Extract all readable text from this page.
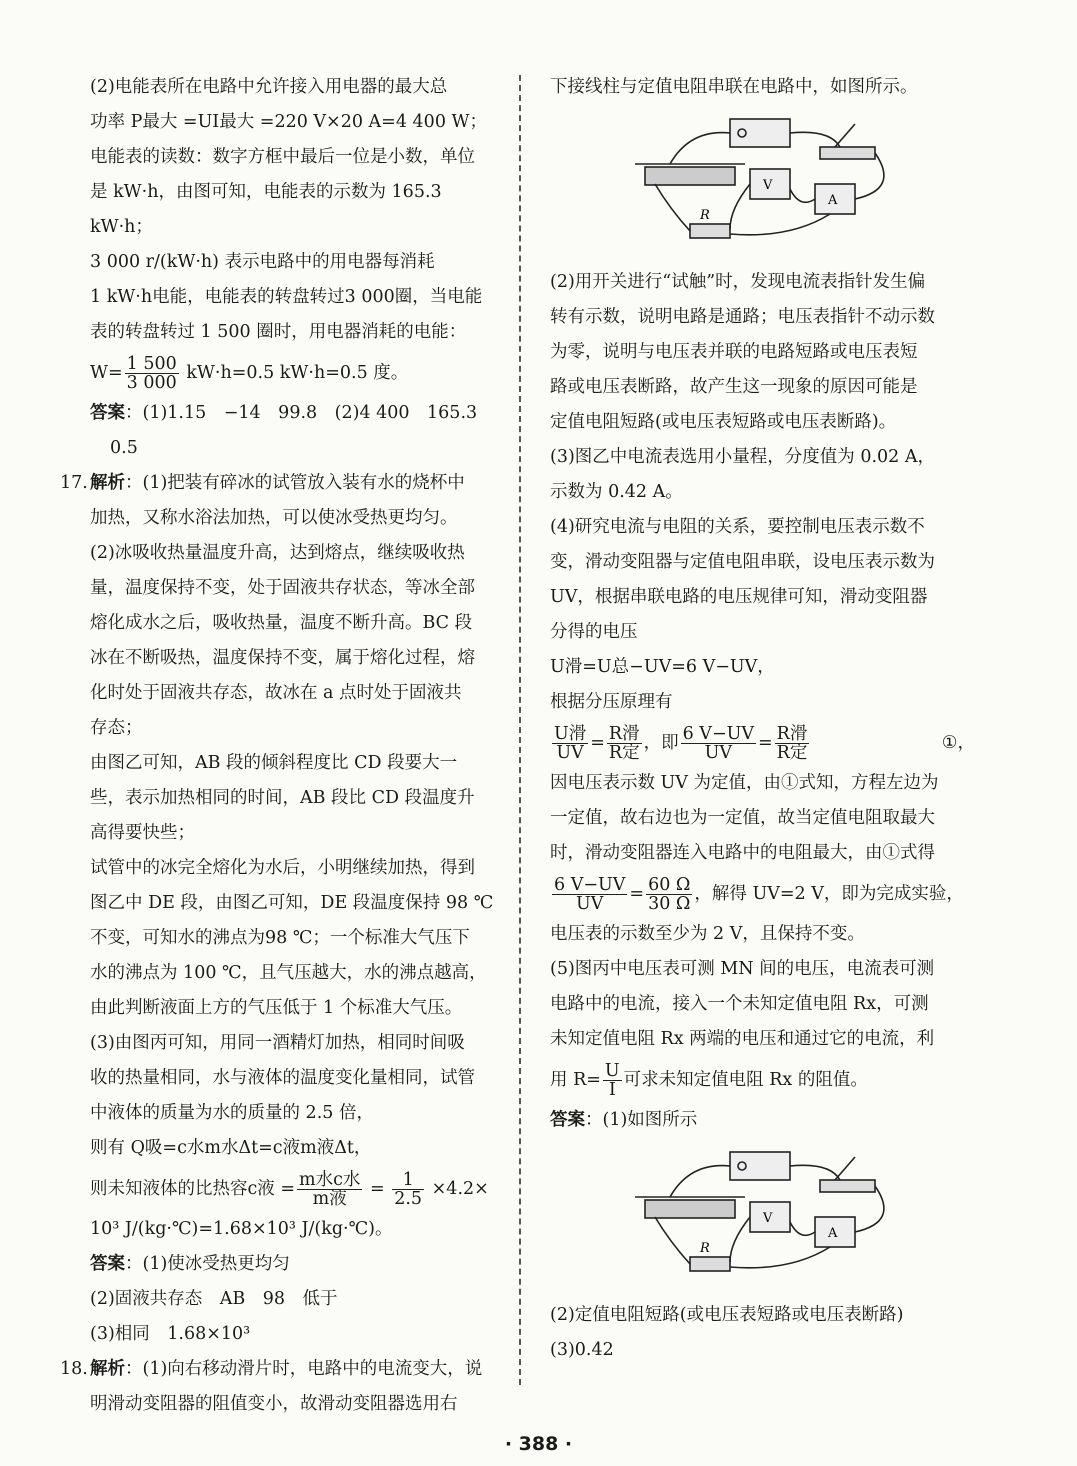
(2)电能表所在电路中允许接入用电器的最大总
功率 P最大 =UI最大 =220 V×20 A=4 400 W；
电能表的读数：数字方框中最后一位是小数，单位
是 kW·h，由图可知，电能表的示数为 165.3 kW·h；
3 000 r/(kW·h) 表示电路中的用电器每消耗
1 kW·h电能，电能表的转盘转过3 000圈，当电能
表的转盘转过 1 500 圈时，用电器消耗的电能：
$W= \frac{1 500}{3 000} kW\cdot h=0.5$ kW·h=0.5 度。
答案：(1)1.15　−14　99.8　(2)4 400　165.3
0.5
17. 解析：(1)把装有碎冰的试管放入装有水的烧杯中
加热，又称水浴法加热，可以使冰受热更均匀。
(2)冰吸收热量温度升高，达到熔点，继续吸收热
量，温度保持不变，处于固液共存状态，等冰全部
熔化成水之后，吸收热量，温度不断升高。BC 段
冰在不断吸热，温度保持不变，属于熔化过程，熔
化时处于固液共存态，故冰在 a 点时处于固液共
存态；
由图乙可知，AB 段的倾斜程度比 CD 段要大一
些，表示加热相同的时间，AB 段比 CD 段温度升
高得要快些；
试管中的冰完全熔化为水后，小明继续加热，得到
图乙中 DE 段，由图乙可知，DE 段温度保持 98 ℃
不变，可知水的沸点为98 ℃；一个标准大气压下
水的沸点为 100 ℃，且气压越大，水的沸点越高，
由此判断液面上方的气压低于 1 个标准大气压。
(3)由图丙可知，用同一酒精灯加热，相同时间吸
收的热量相同，水与液体的温度变化量相同，试管
中液体的质量为水的质量的 2.5 倍，
则有 Q吸=c水m水Δt=c液m液Δt，
则未知液体的比热容c液 = $\frac{\text{m水c水}}{\text{m液}} = \frac{1}{2.5} \times 4.2\times$
10³ J/(kg·℃)=1.68×10³ J/(kg·℃)。
答案：(1)使冰受热更均匀
(2)固液共存态　AB　98　低于
(3)相同　1.68×10³
18. 解析：(1)向右移动滑片时，电路中的电流变大，说
明滑动变阻器的阻值变小，故滑动变阻器选用右
下接线柱与定值电阻串联在电路中，如图所示。
V
A
R
(2)用开关进行“试触”时，发现电流表指针发生偏
转有示数，说明电路是通路；电压表指针不动示数
为零，说明与电压表并联的电路短路或电压表短
路或电压表断路，故产生这一现象的原因可能是
定值电阻短路(或电压表短路或电压表断路)。
(3)图乙中电流表选用小量程，分度值为 0.02 A，
示数为 0.42 A。
(4)研究电流与电阻的关系，要控制电压表示数不
变，滑动变阻器与定值电阻串联，设电压表示数为
UV，根据串联电路的电压规律可知，滑动变阻器
分得的电压
U滑=U总−UV=6 V−UV，
根据分压原理有
$\frac{\text{U滑}}{UV} = \frac{\text{R滑}}{\text{R定}}$ ，即 $\frac{6 V-UV}{UV} = \frac{\text{R滑}}{\text{R定}}$	①，
因电压表示数 UV 为定值，由①式知，方程左边为
一定值，故右边也为一定值，故当定值电阻取最大
时，滑动变阻器连入电路中的电阻最大，由①式得
$\frac{6 V-UV}{UV} = \frac{60 \Omega}{30 \Omega}$ ，解得 UV=2 V，即为完成实验，
电压表的示数至少为 2 V，且保持不变。
(5)图丙中电压表可测 MN 间的电压，电流表可测
电路中的电流，接入一个未知定值电阻 Rx，可测
未知定值电阻 Rx 两端的电压和通过它的电流，利
用 $R= \frac{U}{I}$ 可求未知定值电阻 Rx 的阻值。
答案：(1)如图所示
V
A
R
(2)定值电阻短路(或电压表短路或电压表断路)
(3)0.42
· 388 ·
